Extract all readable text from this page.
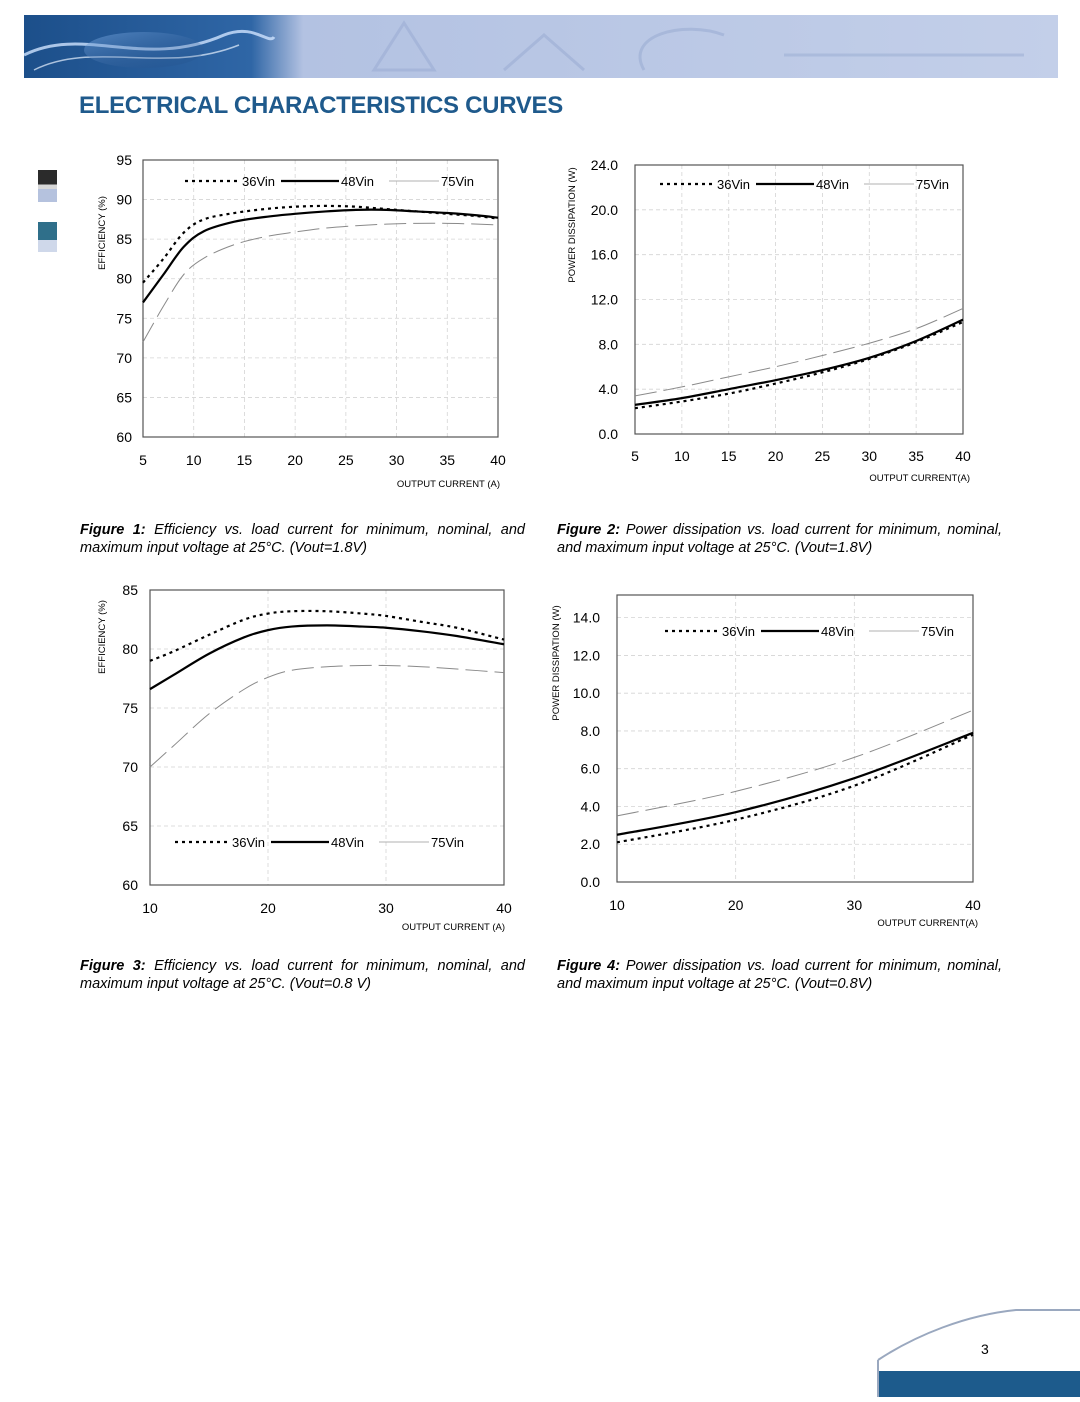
ELECTRICAL CHARACTERISTICS CURVES
60
65
70
75
80
85
90
95
5	10	15	20	25	30	35	40
OUTPUT CURRENT (A)
EFFICIENCY (%)
36Vin	48Vin	75Vin
0.0
4.0
8.0
12.0
16.0
20.0
24.0
5	10 15 20 25 30 35 40
OUTPUT CURRENT(A)
POWER DISSIPATION (W)	36Vin	48Vin	75Vin
60
65
70
75
80
85
10	20	30	40
OUTPUT CURRENT (A)
EFFICIENCY (%)
36Vin	48Vin	75Vin
0.0
2.0
4.0
6.0
8.0
10.0
12.0
14.0
10	20	30	40
OUTPUT CURRENT(A)
POWER DISSIPATION (W)	36Vin	48Vin	75Vin

Figure 1: Efficiency vs. load current for minimum, nominal, and maximum input voltage at 25°C. (Vout=1.8V)

Figure 2: Power dissipation vs. load current for minimum, nominal, and maximum input voltage at 25°C. (Vout=1.8V)

Figure 3: Efficiency vs. load current for minimum, nominal, and maximum input voltage at 25°C. (Vout=0.8 V)

Figure 4: Power dissipation vs. load current for minimum, nominal, and maximum input voltage at 25°C. (Vout=0.8V)

3
